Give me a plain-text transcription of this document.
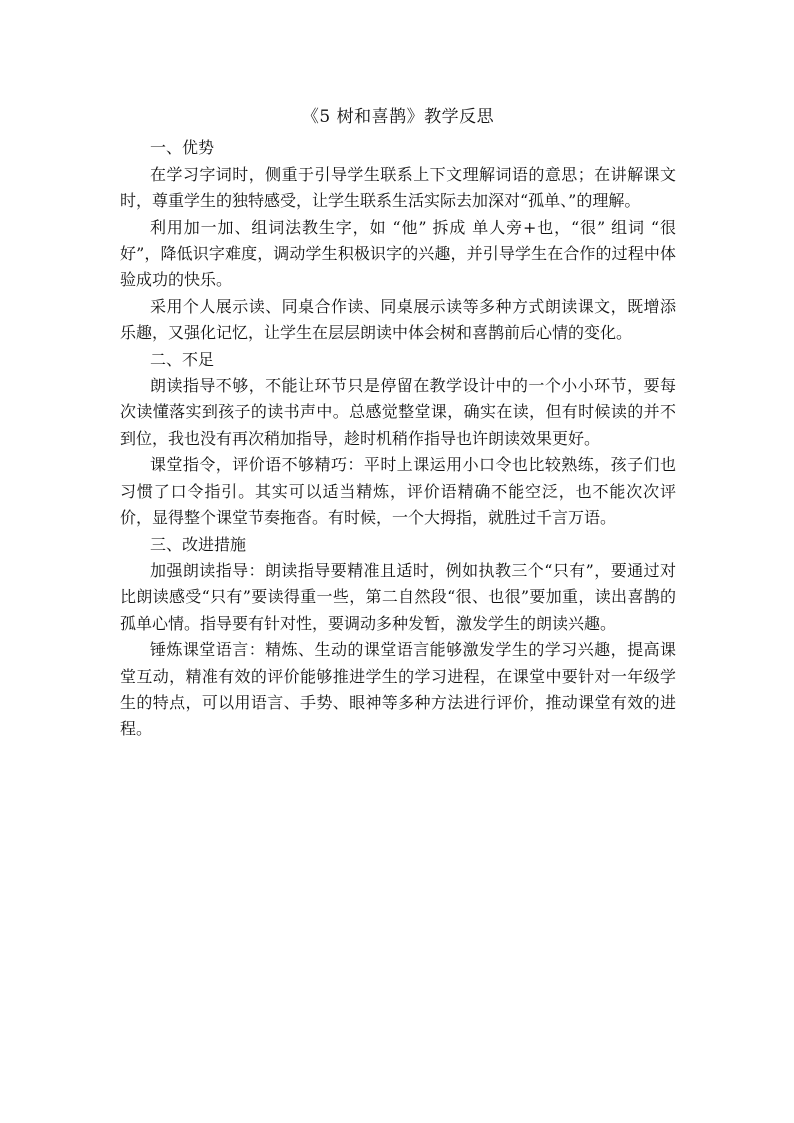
《5 树和喜鹊》教学反思
一、优势

在学习字词时，侧重于引导学生联系上下文理解词语的意思；在讲解课文时，尊重学生的独特感受，让学生联系生活实际去加深对“孤单、”的理解。

利用加一加、组词法教生字，如 “他” 拆成 单人旁+也，“很” 组词 “很好”，降低识字难度，调动学生积极识字的兴趣，并引导学生在合作的过程中体验成功的快乐。

采用个人展示读、同桌合作读、同桌展示读等多种方式朗读课文，既增添乐趣，又强化记忆，让学生在层层朗读中体会树和喜鹊前后心情的变化。

二、不足

朗读指导不够，不能让环节只是停留在教学设计中的一个小小环节，要每次读懂落实到孩子的读书声中。总感觉整堂课，确实在读，但有时候读的并不到位，我也没有再次稍加指导，趁时机稍作指导也许朗读效果更好。

课堂指令，评价语不够精巧：平时上课运用小口令也比较熟练，孩子们也习惯了口令指引。其实可以适当精炼，评价语精确不能空泛，也不能次次评价，显得整个课堂节奏拖沓。有时候，一个大拇指，就胜过千言万语。

三、改进措施

加强朗读指导：朗读指导要精准且适时，例如执教三个“只有”，要通过对比朗读感受“只有”要读得重一些，第二自然段“很、也很”要加重，读出喜鹊的孤单心情。指导要有针对性，要调动多种发暂，激发学生的朗读兴趣。

锤炼课堂语言：精炼、生动的课堂语言能够激发学生的学习兴趣，提高课堂互动，精准有效的评价能够推进学生的学习进程，在课堂中要针对一年级学生的特点，可以用语言、手势、眼神等多种方法进行评价，推动课堂有效的进程。
